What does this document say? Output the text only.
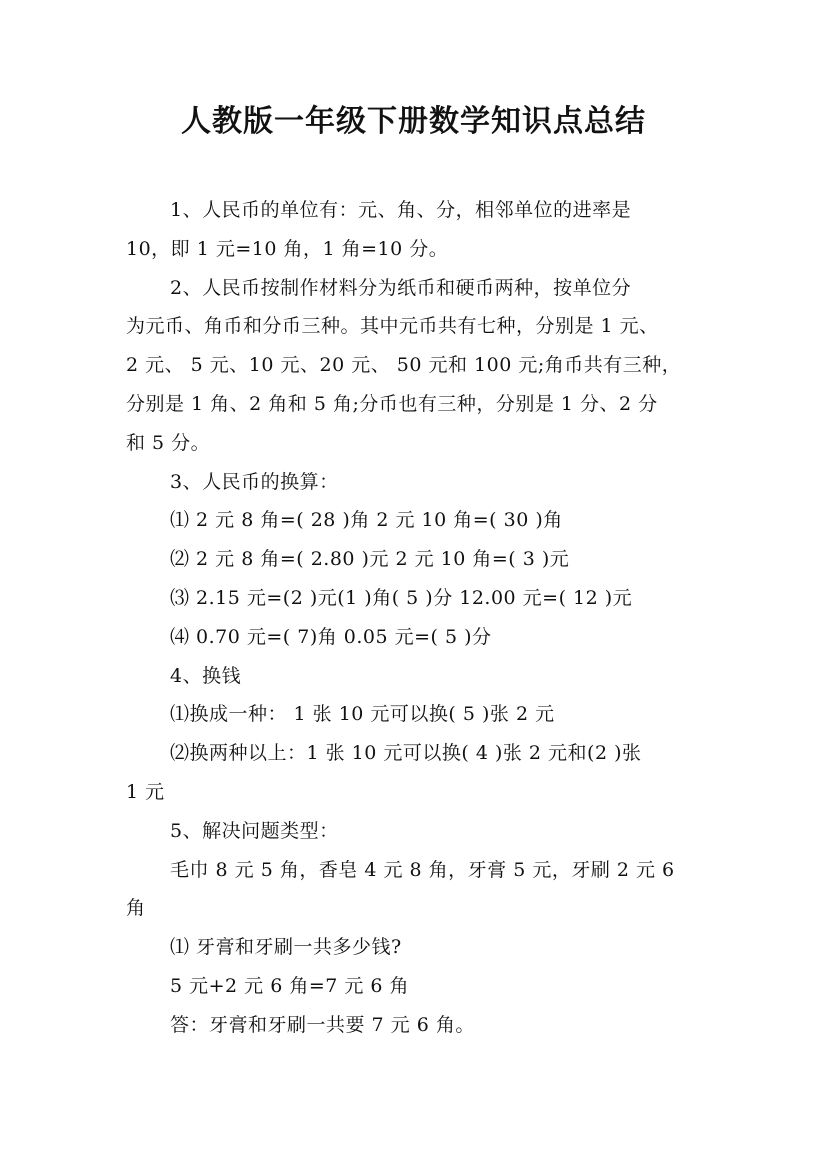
人教版一年级下册数学知识点总结
1、人民币的单位有：元、角、分，相邻单位的进率是
10，即 1 元=10 角，1 角=10 分。
2、人民币按制作材料分为纸币和硬币两种，按单位分
为元币、角币和分币三种。其中元币共有七种，分别是 1 元、
2 元、 5 元、10 元、20 元、 50 元和 100 元;角币共有三种，
分别是 1 角、2 角和 5 角;分币也有三种，分别是 1 分、2 分
和 5 分。
3、人民币的换算：
⑴ 2 元 8 角=( 28 )角 2 元 10 角=( 30 )角
⑵ 2 元 8 角=( 2.80 )元 2 元 10 角=( 3 )元
⑶ 2.15 元=(2 )元(1 )角( 5 )分 12.00 元=( 12 )元
⑷ 0.70 元=( 7)角 0.05 元=( 5 )分
4、换钱
⑴换成一种： 1 张 10 元可以换( 5 )张 2 元
⑵换两种以上：1 张 10 元可以换( 4 )张 2 元和(2 )张
1 元
5、解决问题类型：
毛巾 8 元 5 角，香皂 4 元 8 角，牙膏 5 元，牙刷 2 元 6
角
⑴ 牙膏和牙刷一共多少钱?
5 元+2 元 6 角=7 元 6 角
答：牙膏和牙刷一共要 7 元 6 角。
